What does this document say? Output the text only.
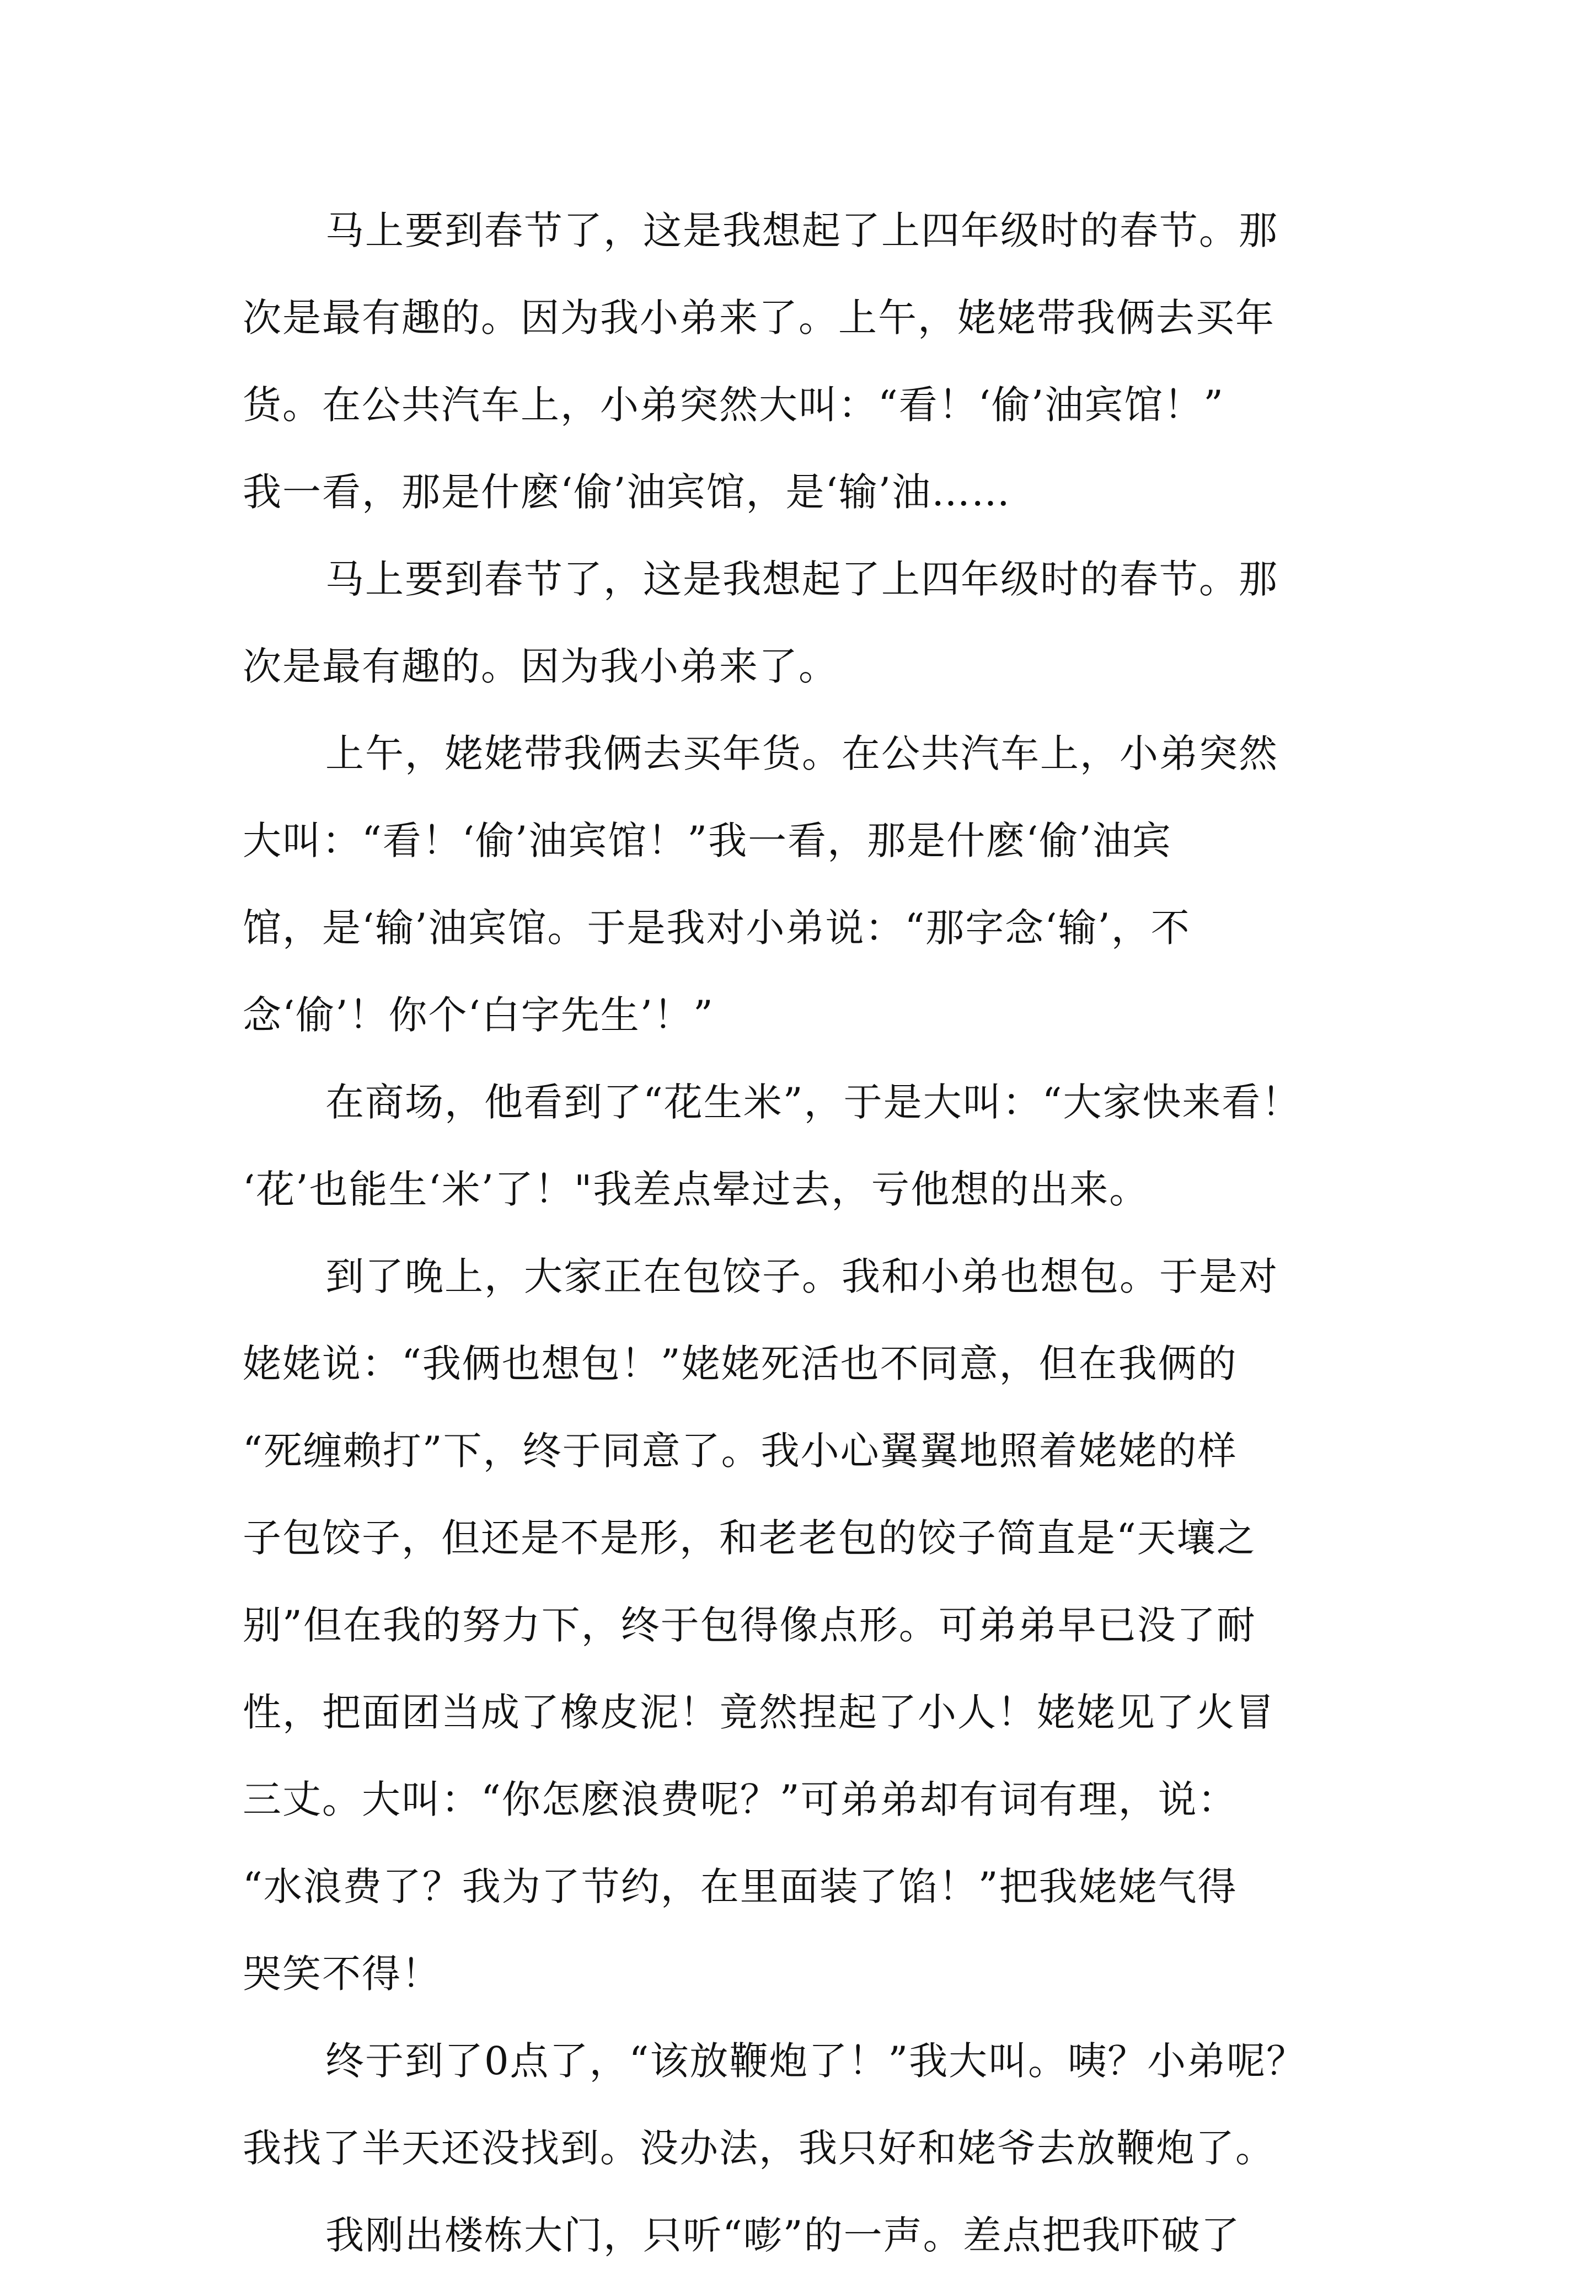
马上要到春节了，这是我想起了上四年级时的春节。那
次是最有趣的。因为我小弟来了。上午，姥姥带我俩去买年
货。在公共汽车上，小弟突然大叫：“看！‘偷’油宾馆！”
我一看，那是什麽‘偷’油宾馆，是‘输’油……
马上要到春节了，这是我想起了上四年级时的春节。那
次是最有趣的。因为我小弟来了。
上午，姥姥带我俩去买年货。在公共汽车上，小弟突然
大叫：“看！‘偷’油宾馆！”我一看，那是什麽‘偷’油宾
馆，是‘输’油宾馆。于是我对小弟说：“那字念‘输’，不
念‘偷’！你个‘白字先生’！”
在商场，他看到了“花生米”，于是大叫：“大家快来看！
‘花’也能生‘米’了！"我差点晕过去，亏他想的出来。
到了晚上，大家正在包饺子。我和小弟也想包。于是对
姥姥说：“我俩也想包！”姥姥死活也不同意，但在我俩的
“死缠赖打”下，终于同意了。我小心翼翼地照着姥姥的样
子包饺子，但还是不是形，和老老包的饺子简直是“天壤之
别”但在我的努力下，终于包得像点形。可弟弟早已没了耐
性，把面团当成了橡皮泥！竟然捏起了小人！姥姥见了火冒
三丈。大叫：“你怎麽浪费呢？”可弟弟却有词有理，说：
“水浪费了？我为了节约，在里面装了馅！”把我姥姥气得
哭笑不得！
终于到了0点了，“该放鞭炮了！”我大叫。咦？小弟呢？
我找了半天还没找到。没办法，我只好和姥爷去放鞭炮了。
我刚出楼栋大门，只听“嘭”的一声。差点把我吓破了
